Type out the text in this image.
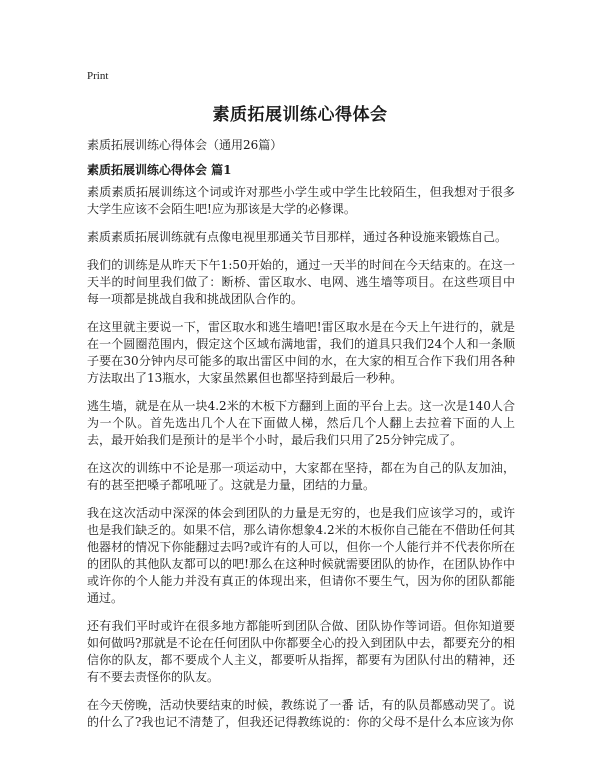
Print
素质拓展训练心得体会
素质拓展训练心得体会（通用26篇）
素质拓展训练心得体会 篇1

素质素质拓展训练这个词或许对那些小学生或中学生比较陌生，但我想对于很多大学生应该不会陌生吧!应为那该是大学的必修课。

素质素质拓展训练就有点像电视里那通关节目那样，通过各种设施来锻炼自己。

我们的训练是从昨天下午1:50开始的，通过一天半的时间在今天结束的。在这一天半的时间里我们做了：断桥、雷区取水、电网、逃生墙等项目。在这些项目中每一项都是挑战自我和挑战团队合作的。

在这里就主要说一下，雷区取水和逃生墙吧!雷区取水是在今天上午进行的，就是在一个圆圈范围内，假定这个区域布满地雷，我们的道具只我们24个人和一条顺子要在30分钟内尽可能多的取出雷区中间的水，在大家的相互合作下我们用各种方法取出了13瓶水，大家虽然累但也都坚持到最后一秒种。

逃生墙，就是在从一块4.2米的木板下方翻到上面的平台上去。这一次是140人合为一个队。首先选出几个人在下面做人梯，然后几个人翻上去拉着下面的人上去，最开始我们是预计的是半个小时，最后我们只用了25分钟完成了。

在这次的训练中不论是那一项运动中，大家都在坚持，都在为自己的队友加油，有的甚至把嗓子都吼哑了。这就是力量，团结的力量。

我在这次活动中深深的体会到团队的力量是无穷的，也是我们应该学习的，或许也是我们缺乏的。如果不信，那么请你想象4.2米的木板你自己能在不借助任何其他器材的情况下你能翻过去吗?或许有的人可以，但你一个人能行并不代表你所在的团队的其他队友都可以的吧!那么在这种时候就需要团队的协作，在团队协作中或许你的个人能力并没有真正的体现出来，但请你不要生气，因为你的团队都能通过。

还有我们平时或许在很多地方都能听到团队合做、团队协作等词语。但你知道要如何做吗?那就是不论在任何团队中你都要全心的投入到团队中去，都要充分的相信你的队友，都不要成个人主义，都要听从指挥，都要有为团队付出的精神，还有不要去责怪你的队友。

在今天傍晚，活动快要结束的时候，教练说了一番 话，有的队员都感动哭了。说的什么了?我也记不清楚了，但我还记得教练说的：你的父母不是什么本应该为你
